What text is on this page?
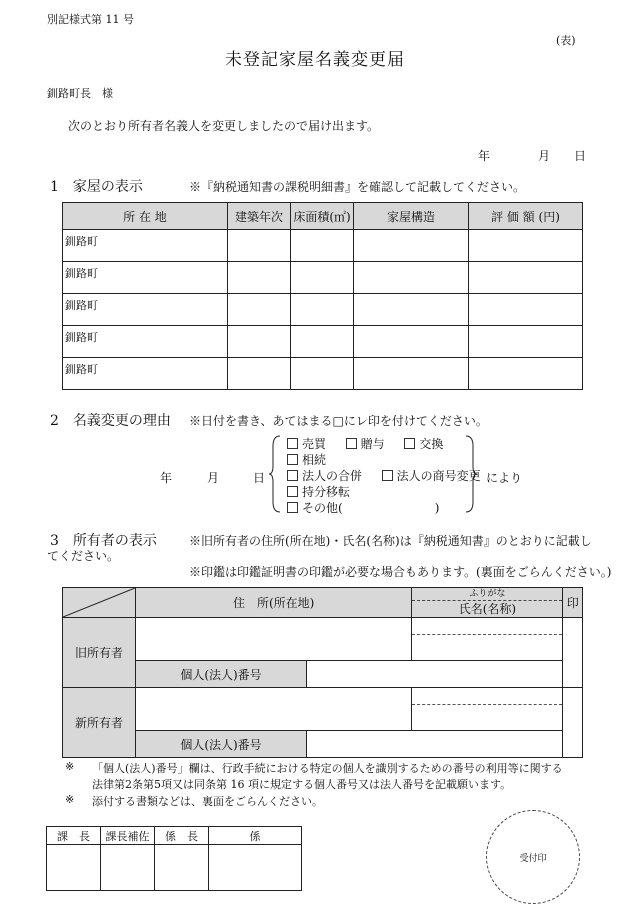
別記様式第 11 号
(表)
未登記家屋名義変更届
釧路町長　様
次のとおり所有者名義人を変更しましたので届け出ます。
年	月 日
1　家屋の表示	※『納税通知書の課税明細書』を確認して記載してください。
所 在 地	建築年次	床面積(㎡)	家屋構造	評 価 額 (円)
釧路町				
釧路町				
釧路町				
釧路町				
釧路町				
2　名義変更の理由 ※日付を書き、あてはまる□にレ印を付けてください。
年	月	日
売買	贈与	交換
相続
法人の合併	法人の商号変更
持分移転
その他(	)
により
3　所有者の表示	※旧所有者の住所(所在地)・氏名(名称)は『納税通知書』のとおりに記載し
てください。
※印鑑は印鑑証明書の印鑑が必要な場合もあります。(裏面をごらんください。)
	住　所(所在地)		ふりがな
氏名(名称)	印
旧所有者			

	個人(法人)番号			
新所有者			

	個人(法人)番号			
※ 「個人(法人)番号」欄は、行政手続における特定の個人を識別するための番号の利用等に関する
法律第2条第5項又は同条第 16 項に規定する個人番号又は法人番号を記載願います。
※ 添付する書類などは、裏面をごらんください。
課　長	課長補佐	係　長	係

受付印
